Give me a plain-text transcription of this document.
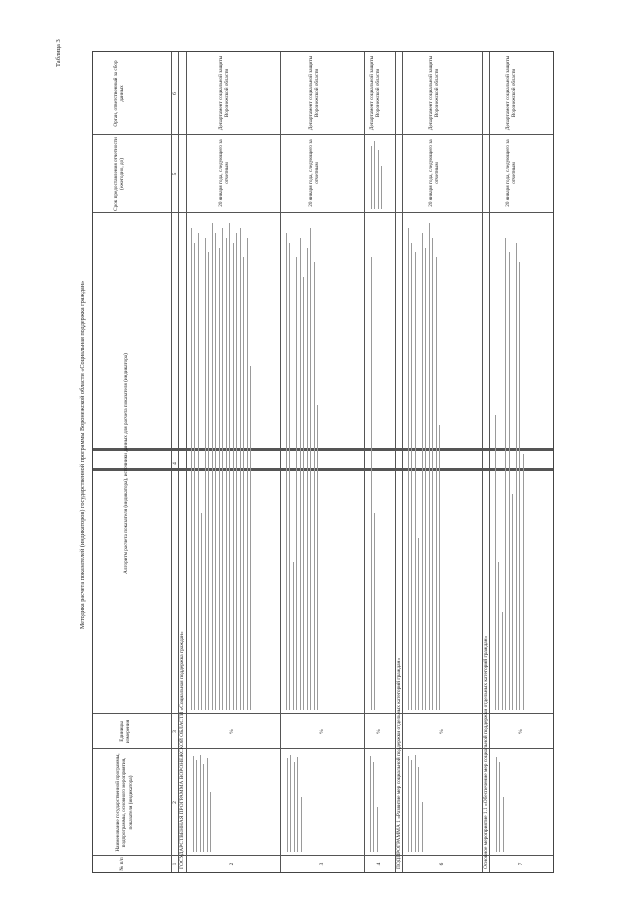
Таблица 3
Методика расчета показателей (индикаторов) государственной программы Воронежской области «Социальная поддержка граждан»
№ п/п
Наименование государственной программы, подпрограммы, основного мероприятия, показателя (индикатора)
Единицы измерения
Алгоритм расчета показателя (индикатора), источники данных для расчета показателя (индикатора)
Срок предоставления отчетности (ежегодно, до)
Орган, ответственный за сбор данных
1
2
3
4
5
6
ГОСУДАРСТВЕННАЯ ПРОГРАММА ВОРОНЕЖСКОЙ ОБЛАСТИ «Социальная поддержка граждан»	ПОДПРОГРАММА 1 «Развитие мер социальной поддержки отдельных категорий граждан»	Основное мероприятие 1.1 «Обеспечение мер социальной поддержки отдельных категорий граждан»
2
%
20 января года, следующего за отчетным
Департамент социальной защиты Воронежской области
3
%
20 января года, следующего за отчетным
Департамент социальной защиты Воронежской области
4
%
Департамент социальной защиты Воронежской области
6
%
20 января года, следующего за отчетным
Департамент социальной защиты Воронежской области
7
%
20 января года, следующего за отчетным
Департамент социальной защиты Воронежской области
